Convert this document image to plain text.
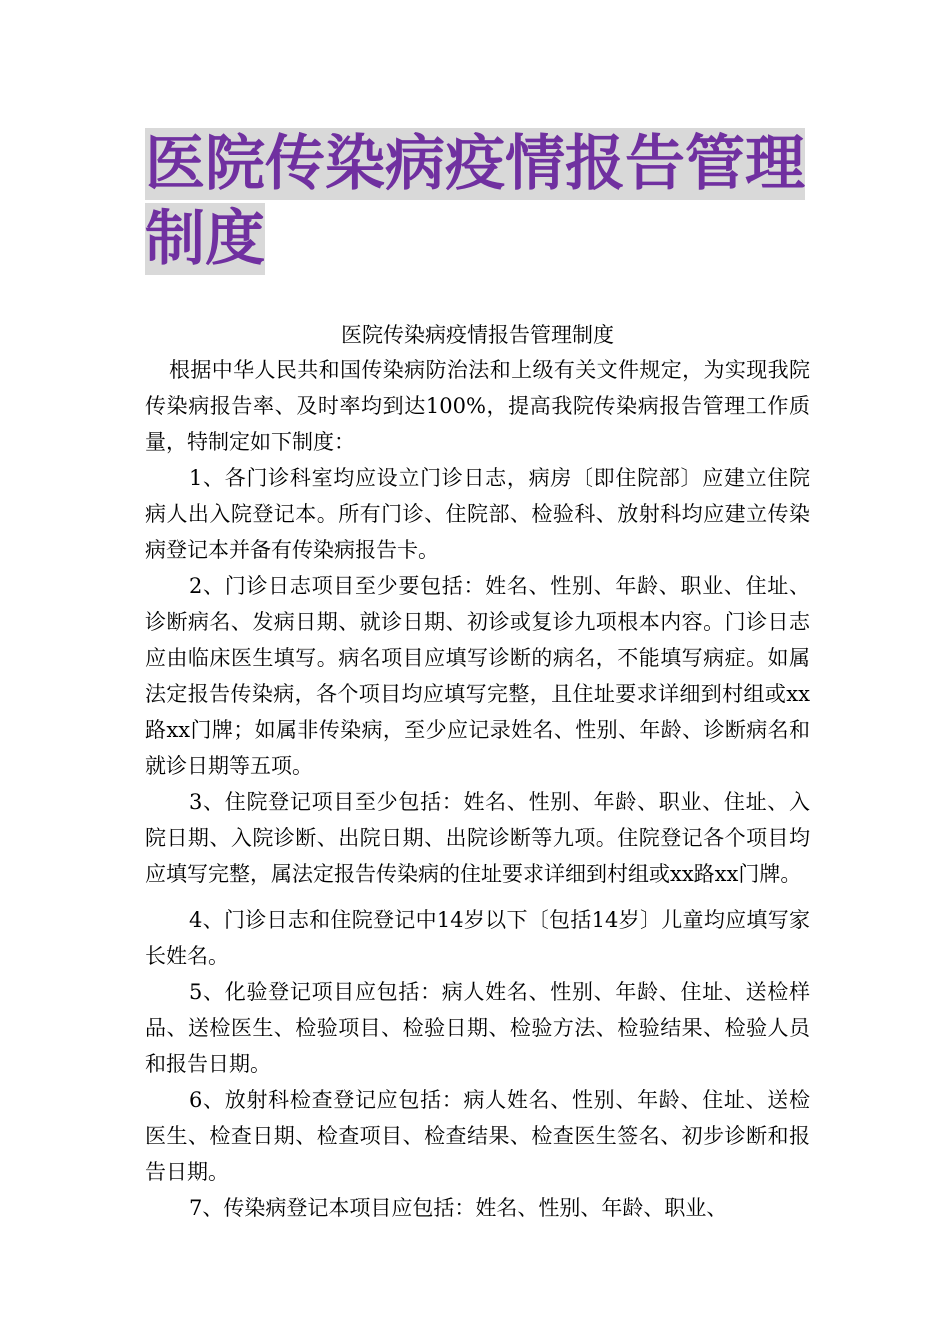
医院传染病疫情报告管理
制度

医院传染病疫情报告管理制度

根据中华人民共和国传染病防治法和上级有关文件规定，为实现我院传染病报告率、及时率均到达100%，提高我院传染病报告管理工作质量，特制定如下制度：

1、各门诊科室均应设立门诊日志，病房〔即住院部〕应建立住院病人出入院登记本。所有门诊、住院部、检验科、放射科均应建立传染病登记本并备有传染病报告卡。

2、门诊日志项目至少要包括：姓名、性别、年龄、职业、住址、诊断病名、发病日期、就诊日期、初诊或复诊九项根本内容。门诊日志应由临床医生填写。病名项目应填写诊断的病名，不能填写病症。如属法定报告传染病，各个项目均应填写完整，且住址要求详细到村组或xx路xx门牌；如属非传染病，至少应记录姓名、性别、年龄、诊断病名和就诊日期等五项。

3、住院登记项目至少包括：姓名、性别、年龄、职业、住址、入院日期、入院诊断、出院日期、出院诊断等九项。住院登记各个项目均应填写完整，属法定报告传染病的住址要求详细到村组或xx路xx门牌。

4、门诊日志和住院登记中14岁以下〔包括14岁〕儿童均应填写家长姓名。

5、化验登记项目应包括：病人姓名、性别、年龄、住址、送检样品、送检医生、检验项目、检验日期、检验方法、检验结果、检验人员和报告日期。

6、放射科检查登记应包括：病人姓名、性别、年龄、住址、送检医生、检查日期、检查项目、检查结果、检查医生签名、初步诊断和报告日期。

7、传染病登记本项目应包括：姓名、性别、年龄、职业、
